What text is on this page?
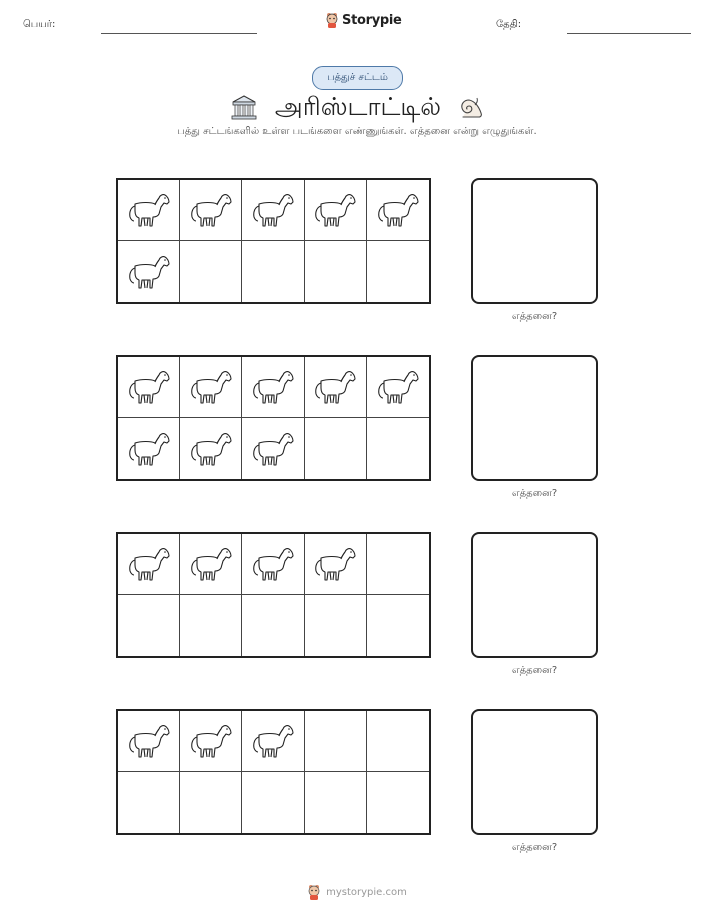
பெயர்:	Storypie	தேதி:
பத்துச் சட்டம்
அரிஸ்டாட்டில்
பத்து சட்டங்களில் உள்ள படங்களை எண்ணுங்கள். எத்தனை என்று எழுதுங்கள்.
எத்தனை?
எத்தனை?
எத்தனை?
எத்தனை?
mystorypie.com
